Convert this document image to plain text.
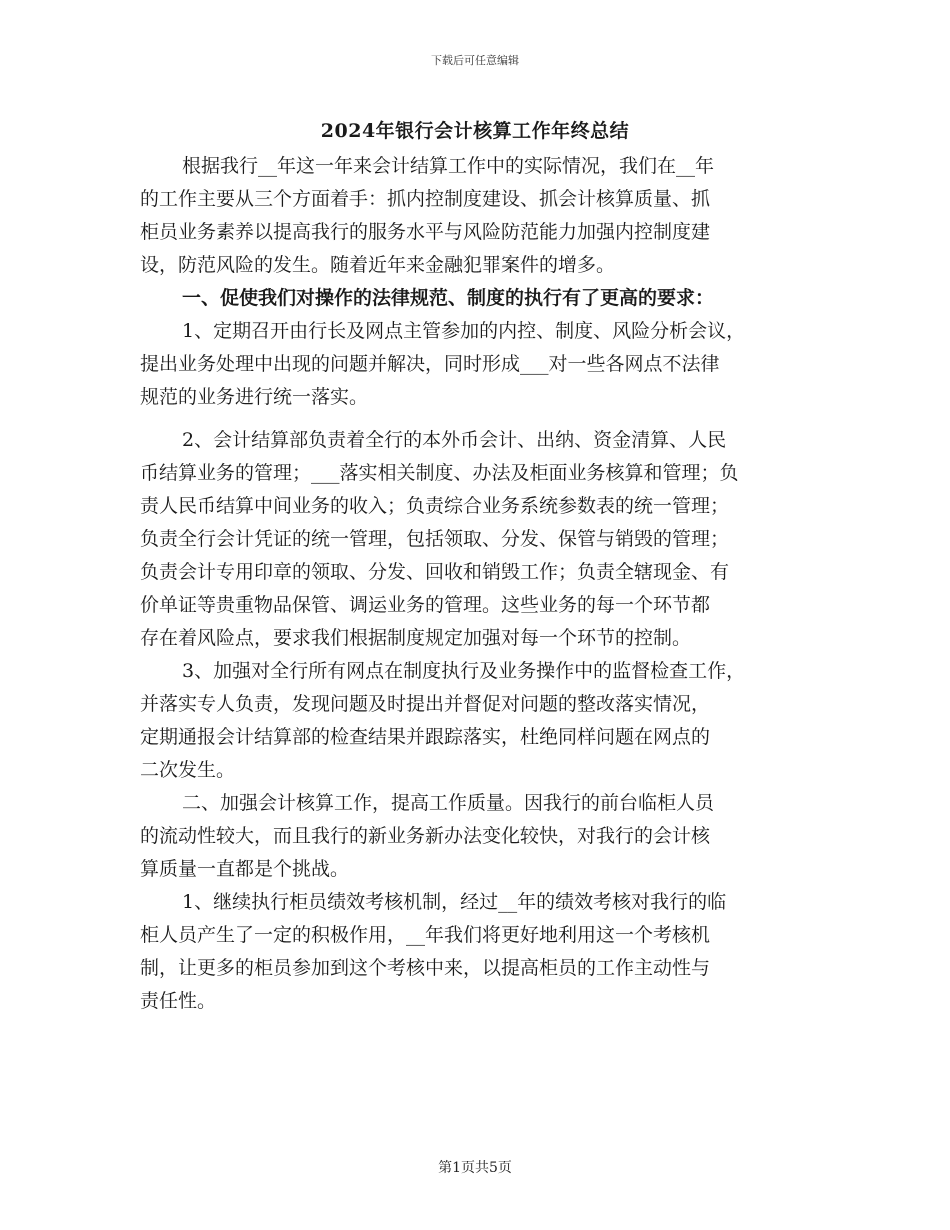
下载后可任意编辑
2024年银行会计核算工作年终总结
根据我行__年这一年来会计结算工作中的实际情况，我们在__年
的工作主要从三个方面着手：抓内控制度建设、抓会计核算质量、抓
柜员业务素养以提高我行的服务水平与风险防范能力加强内控制度建
设，防范风险的发生。随着近年来金融犯罪案件的增多。
一、促使我们对操作的法律规范、制度的执行有了更高的要求：
1、定期召开由行长及网点主管参加的内控、制度、风险分析会议，
提出业务处理中出现的问题并解决，同时形成___对一些各网点不法律
规范的业务进行统一落实。
2、会计结算部负责着全行的本外币会计、出纳、资金清算、人民
币结算业务的管理；___落实相关制度、办法及柜面业务核算和管理；负
责人民币结算中间业务的收入；负责综合业务系统参数表的统一管理；
负责全行会计凭证的统一管理，包括领取、分发、保管与销毁的管理；
负责会计专用印章的领取、分发、回收和销毁工作；负责全辖现金、有
价单证等贵重物品保管、调运业务的管理。这些业务的每一个环节都
存在着风险点，要求我们根据制度规定加强对每一个环节的控制。
3、加强对全行所有网点在制度执行及业务操作中的监督检查工作，
并落实专人负责，发现问题及时提出并督促对问题的整改落实情况，
定期通报会计结算部的检查结果并跟踪落实，杜绝同样问题在网点的
二次发生。
二、加强会计核算工作，提高工作质量。因我行的前台临柜人员
的流动性较大，而且我行的新业务新办法变化较快，对我行的会计核
算质量一直都是个挑战。
1、继续执行柜员绩效考核机制，经过__年的绩效考核对我行的临
柜人员产生了一定的积极作用，__年我们将更好地利用这一个考核机
制，让更多的柜员参加到这个考核中来，以提高柜员的工作主动性与
责任性。
第1页共5页
